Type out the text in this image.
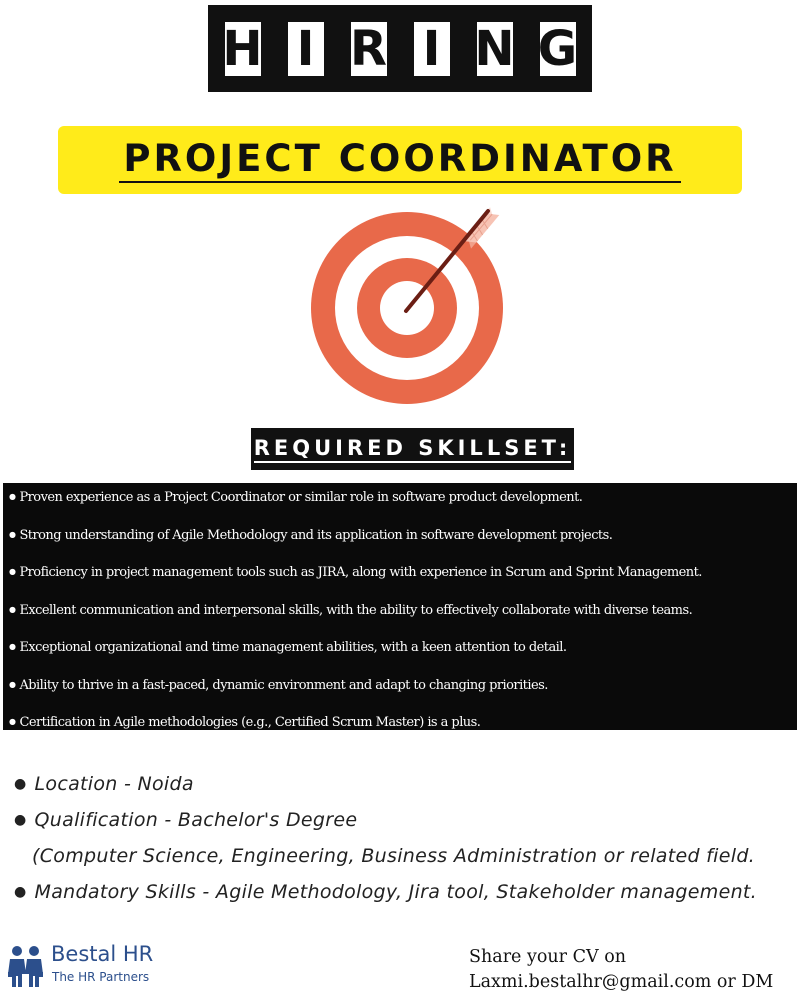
H I R I N G
PROJECT COORDINATOR
REQUIRED SKILLSET:
● Proven experience as a Project Coordinator or similar role in software product development.
● Strong understanding of Agile Methodology and its application in software development projects.
● Proficiency in project management tools such as JIRA, along with experience in Scrum and Sprint Management.
● Excellent communication and interpersonal skills, with the ability to effectively collaborate with diverse teams.
● Exceptional organizational and time management abilities, with a keen attention to detail.
● Ability to thrive in a fast-paced, dynamic environment and adapt to changing priorities.
● Certification in Agile methodologies (e.g., Certified Scrum Master) is a plus.
● Location - Noida
● Qualification - Bachelor's Degree
(Computer Science, Engineering, Business Administration or related field.
● Mandatory Skills - Agile Methodology, Jira tool, Stakeholder management.
Bestal HR
The HR Partners
Share your CV on
Laxmi.bestalhr@gmail.com or DM
